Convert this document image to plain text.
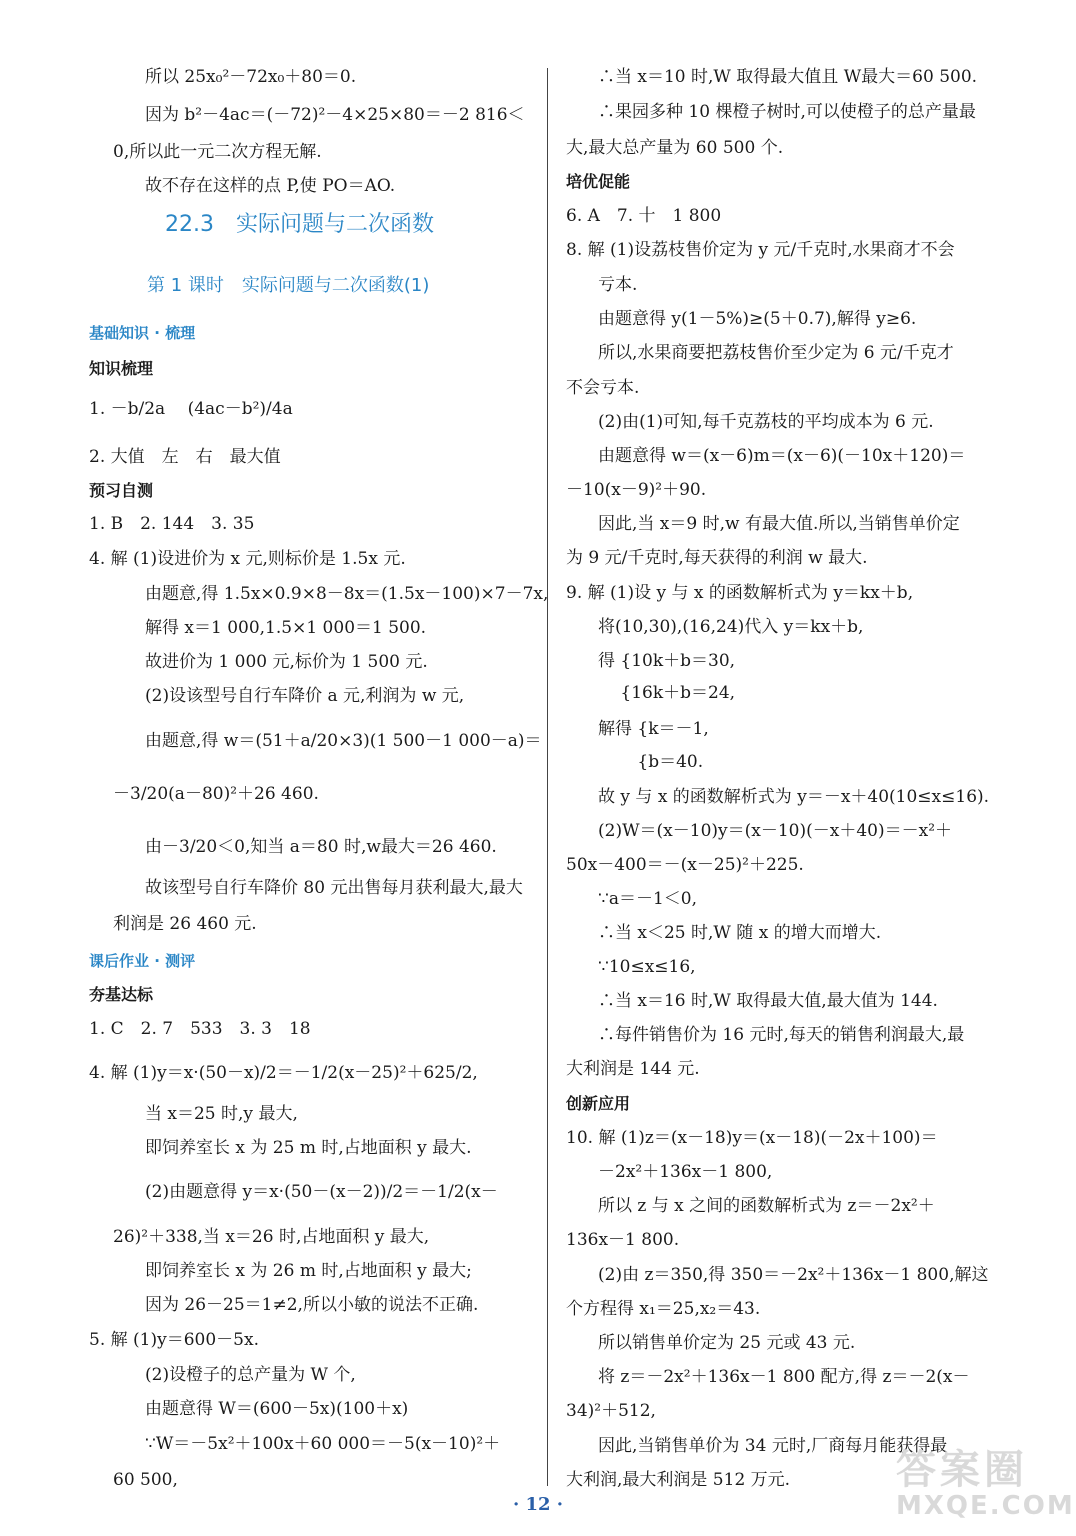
所以 25x₀²－72x₀＋80＝0.
因为 b²－4ac＝(－72)²－4×25×80＝－2 816＜
0,所以此一元二次方程无解.
故不存在这样的点 P,使 PO＝AO.
22.3　实际问题与二次函数
第 1 课时　实际问题与二次函数(1)
基础知识 · 梳理
知识梳理
1. －b/2a　 (4ac－b²)/4a
2. 大值　左　右　最大值
预习自测
1. B　2. 144　3. 35
4. 解 (1)设进价为 x 元,则标价是 1.5x 元.
由题意,得 1.5x×0.9×8－8x＝(1.5x－100)×7－7x,
解得 x＝1 000,1.5×1 000＝1 500.
故进价为 1 000 元,标价为 1 500 元.
(2)设该型号自行车降价 a 元,利润为 w 元,
由题意,得 w＝(51＋a/20×3)(1 500－1 000－a)＝
－3/20(a－80)²＋26 460.
由－3/20＜0,知当 a＝80 时,w最大＝26 460.
故该型号自行车降价 80 元出售每月获利最大,最大
利润是 26 460 元.
课后作业 · 测评
夯基达标
1. C　2. 7　533　3. 3　18
4. 解 (1)y＝x·(50－x)/2＝－1/2(x－25)²＋625/2,
当 x＝25 时,y 最大,
即饲养室长 x 为 25 m 时,占地面积 y 最大.
(2)由题意得 y＝x·(50－(x－2))/2＝－1/2(x－
26)²＋338,当 x＝26 时,占地面积 y 最大,
即饲养室长 x 为 26 m 时,占地面积 y 最大;
因为 26－25＝1≠2,所以小敏的说法不正确.
5. 解 (1)y＝600－5x.
(2)设橙子的总产量为 W 个,
由题意得 W＝(600－5x)(100＋x)
∵W＝－5x²＋100x＋60 000＝－5(x－10)²＋
60 500,
∴当 x＝10 时,W 取得最大值且 W最大＝60 500.
∴果园多种 10 棵橙子树时,可以使橙子的总产量最
大,最大总产量为 60 500 个.
培优促能
6. A　7. 十　1 800
8. 解 (1)设荔枝售价定为 y 元/千克时,水果商才不会
亏本.
由题意得 y(1－5%)≥(5＋0.7),解得 y≥6.
所以,水果商要把荔枝售价至少定为 6 元/千克才
不会亏本.
(2)由(1)可知,每千克荔枝的平均成本为 6 元.
由题意得 w＝(x－6)m＝(x－6)(－10x＋120)＝
－10(x－9)²＋90.
因此,当 x＝9 时,w 有最大值.所以,当销售单价定
为 9 元/千克时,每天获得的利润 w 最大.
9. 解 (1)设 y 与 x 的函数解析式为 y＝kx＋b,
将(10,30),(16,24)代入 y＝kx＋b,
得 {10k＋b＝30,
　 {16k＋b＝24,
解得 {k＝－1,
　　 {b＝40.
故 y 与 x 的函数解析式为 y＝－x＋40(10≤x≤16).
(2)W＝(x－10)y＝(x－10)(－x＋40)＝－x²＋
50x－400＝－(x－25)²＋225.
∵a＝－1＜0,
∴当 x＜25 时,W 随 x 的增大而增大.
∵10≤x≤16,
∴当 x＝16 时,W 取得最大值,最大值为 144.
∴每件销售价为 16 元时,每天的销售利润最大,最
大利润是 144 元.
创新应用
10. 解 (1)z＝(x－18)y＝(x－18)(－2x＋100)＝
－2x²＋136x－1 800,
所以 z 与 x 之间的函数解析式为 z＝－2x²＋
136x－1 800.
(2)由 z＝350,得 350＝－2x²＋136x－1 800,解这
个方程得 x₁＝25,x₂＝43.
所以销售单价定为 25 元或 43 元.
将 z＝－2x²＋136x－1 800 配方,得 z＝－2(x－
34)²＋512,
因此,当销售单价为 34 元时,厂商每月能获得最
大利润,最大利润是 512 万元.
· 12 ·
答案圈
MXQE.COM
